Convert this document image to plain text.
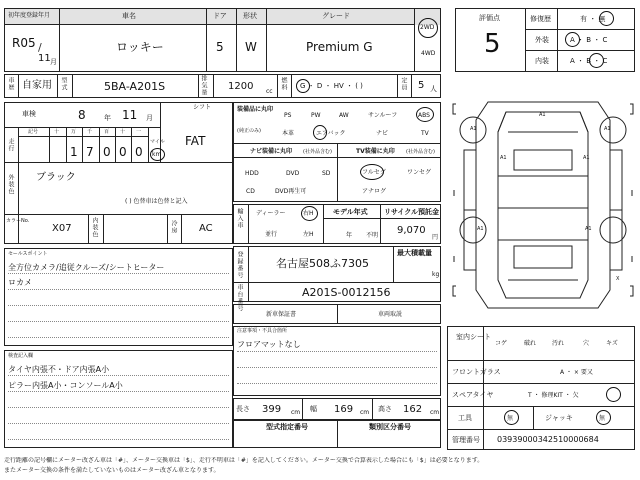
初年度登録年月	車名	ドア 形状	グレード
R05 /
11 月
ロッキー	5 W	Premium G
2WD
4WD
車歴 自家用 型式	5BA-A201S	排気量 1200 cc
燃料 G ・ D ・ HV ・ ( )	定員 5 人
車検	8	年 11 月
シフト
FAT
走行
記号	十 万 千 百 十 一
1 7 0 0 0
マイル
km
外装色 ブラック
( ) 色替車は色替と記入
カラーNo.
X07	内装色	冷房 AC
セールスポイント
全方位カメラ/追従クルーズ/シートヒーター
ロカメ
検査記入欄
タイヤ内張不・ドア内張A小
ピラー内張A小・コンソールA小
装備品に丸印
(純正のみ)
PS	PW	AW	サンルーフ	ABS
本革	エアバック	ナビ	TV
ナビ装備に丸印 (社外品含む)	TV装備に丸印 (社外品含む)
HDD	DVD	SD
CD	DVD再生可
フルセグ	ワンセグ
アナログ
輸入車 ディーラー
並行
右H
左H
モデル年式
年 不明
リサイクル預託金
9,070
円
登録番号	名古屋508ふ7305
最大積載量
kg
車台番号	A201S-0012156
新車保証書	車両取説
注意事項・不具合箇所
フロアマットなし
長さ 399 cm 幅 169 cm 高さ 162 cm
型式指定番号	類別区分番号
評価点
5
修復歴	有 ・ 無
外装	A ・ B ・ C
内装	A ・ B ・ C
A1
A1	A1
A1	A1
A1	A1
X
室内シート
コゲ	破れ	汚れ	穴	キズ
フロントガラス	A ・ × 要又
スペアタイヤ	T ・ 修理KIT ・ 欠
工具	無	ジャッキ	無
管理番号 03939000342510000684
走行距離の記号欄にメーター改ざん車は「#」、メーター交換車は「$」、走行不明車は「#」を記入してください。メーター交換で合算表示した場合にも「$」は必要となります。
またメーター交換の条件を満たしていないものはメーター改ざん車となります。
